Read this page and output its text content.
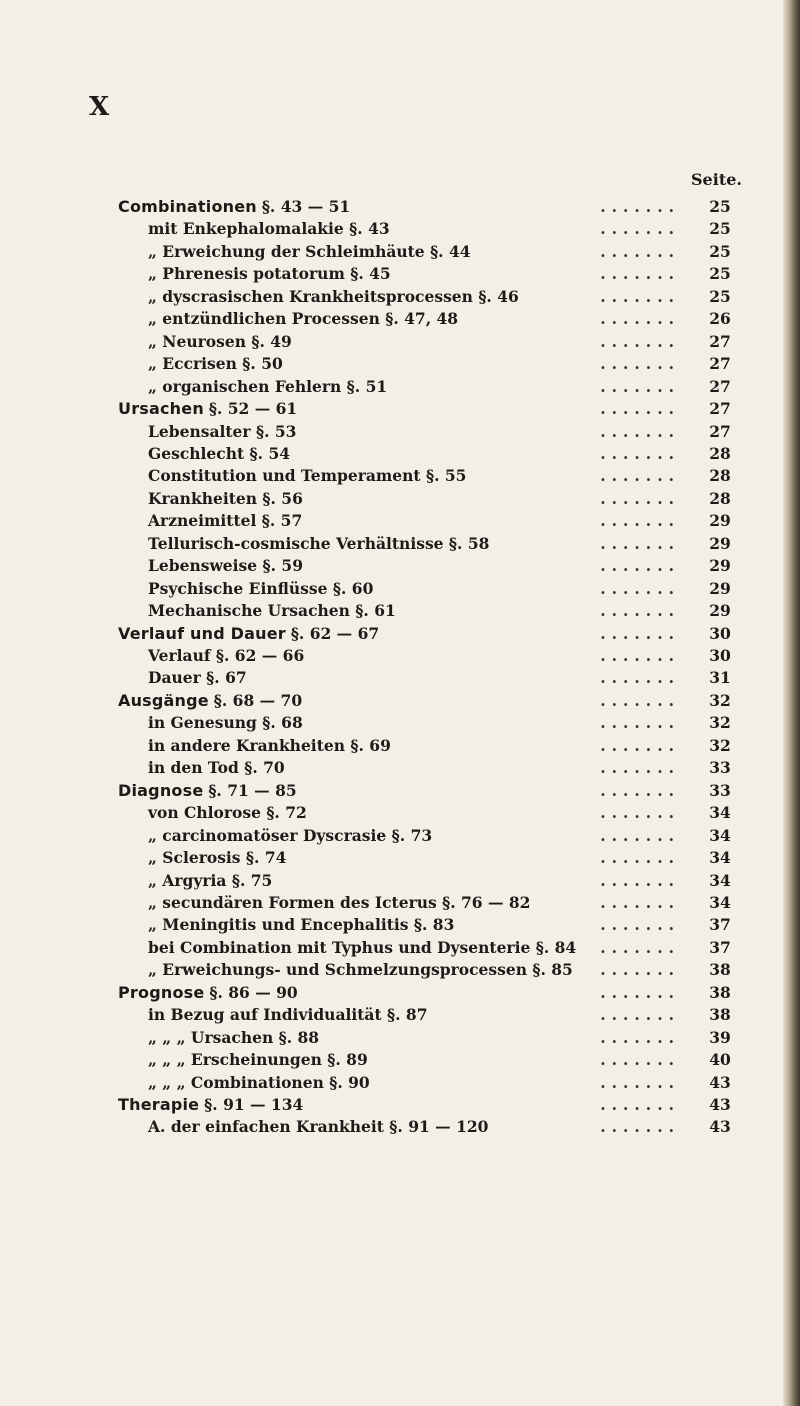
X
Seite.
Combinationen §. 43 — 51	.......	25
mit Enkephalomalakie §. 43	.......	25
„ Erweichung der Schleimhäute §. 44	.......	25
„ Phrenesis potatorum §. 45	.......	25
„ dyscrasischen Krankheitsprocessen §. 46	.......	25
„ entzündlichen Processen §. 47, 48	.......	26
„ Neurosen §. 49	.......	27
„ Eccrisen §. 50	.......	27
„ organischen Fehlern §. 51	.......	27
Ursachen §. 52 — 61	.......	27
Lebensalter §. 53	.......	27
Geschlecht §. 54	.......	28
Constitution und Temperament §. 55	.......	28
Krankheiten §. 56	.......	28
Arzneimittel §. 57	.......	29
Tellurisch-cosmische Verhältnisse §. 58	.......	29
Lebensweise §. 59	.......	29
Psychische Einflüsse §. 60	.......	29
Mechanische Ursachen §. 61	.......	29
Verlauf und Dauer §. 62 — 67	.......	30
Verlauf §. 62 — 66	.......	30
Dauer §. 67	.......	31
Ausgänge §. 68 — 70	.......	32
in Genesung §. 68	.......	32
in andere Krankheiten §. 69	.......	32
in den Tod §. 70	.......	33
Diagnose §. 71 — 85	.......	33
von Chlorose §. 72	.......	34
„ carcinomatöser Dyscrasie §. 73	.......	34
„ Sclerosis §. 74	.......	34
„ Argyria §. 75	.......	34
„ secundären Formen des Icterus §. 76 — 82	.......	34
„ Meningitis und Encephalitis §. 83	.......	37
bei Combination mit Typhus und Dysenterie §. 84 .......	37
„ Erweichungs- und Schmelzungsprocessen §. 85 .......	38
Prognose §. 86 — 90	.......	38
in Bezug auf Individualität §. 87	.......	38
„ „ „ Ursachen §. 88	.......	39
„ „ „ Erscheinungen §. 89	.......	40
„ „ „ Combinationen §. 90	.......	43
Therapie §. 91 — 134	.......	43
A. der einfachen Krankheit §. 91 — 120	.......	43
